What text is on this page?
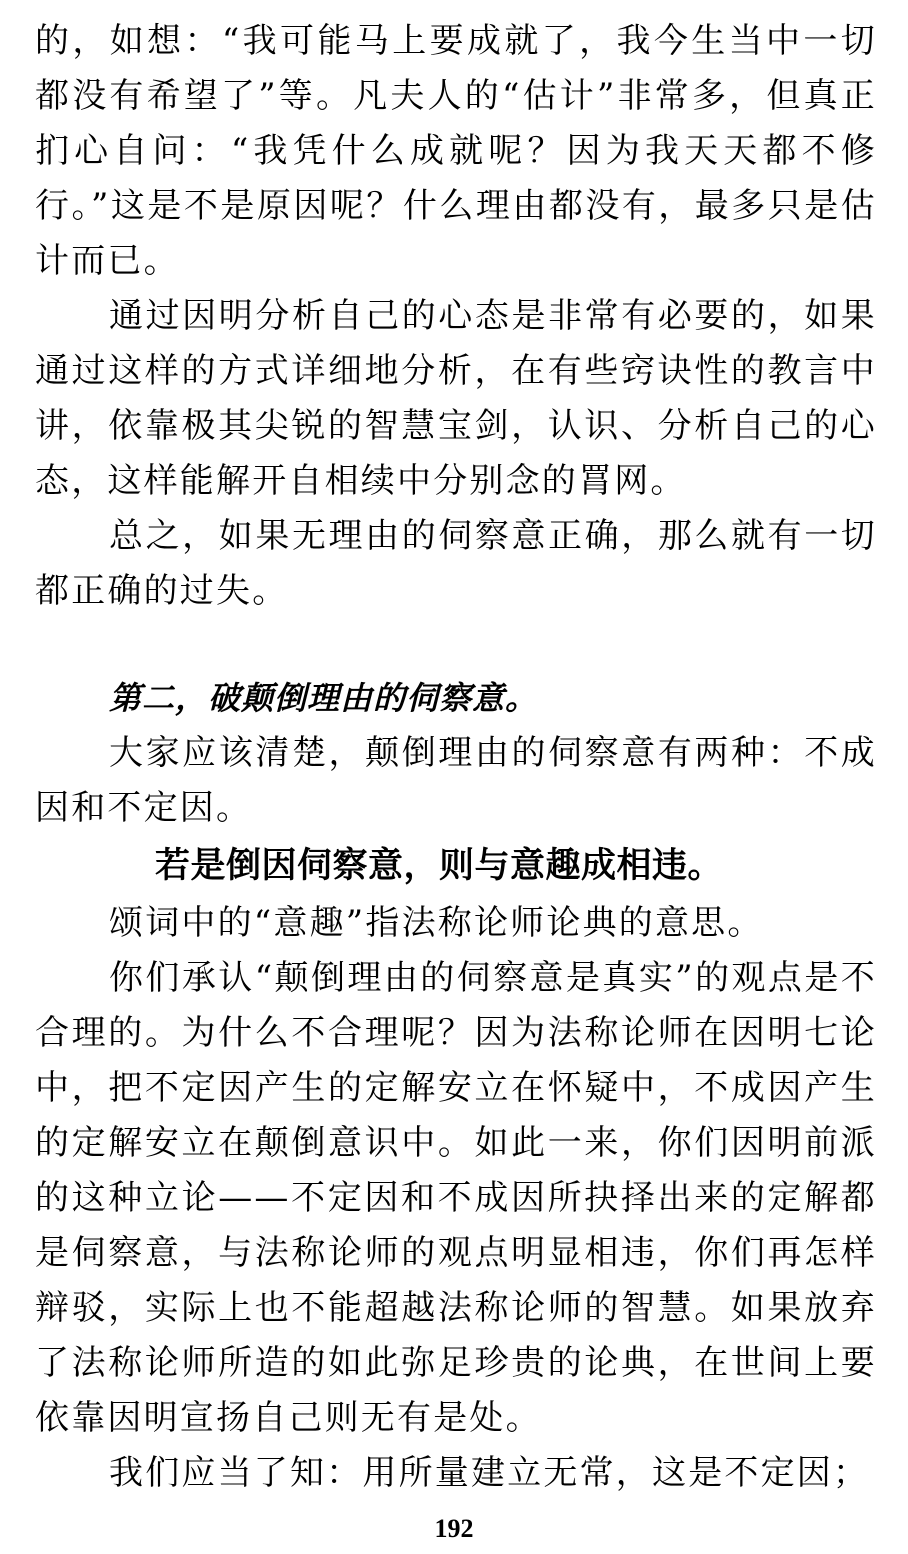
的，如想：“我可能马上要成就了，我今生当中一切都没有希望了”等。凡夫人的“估计”非常多，但真正扪心自问：“我凭什么成就呢？因为我天天都不修行。”这是不是原因呢？什么理由都没有，最多只是估计而已。

通过因明分析自己的心态是非常有必要的，如果通过这样的方式详细地分析，在有些窍诀性的教言中讲，依靠极其尖锐的智慧宝剑，认识、分析自己的心态，这样能解开自相续中分别念的罥网。

总之，如果无理由的伺察意正确，那么就有一切都正确的过失。

第二，破颠倒理由的伺察意。

大家应该清楚，颠倒理由的伺察意有两种：不成因和不定因。

若是倒因伺察意，则与意趣成相违。

颂词中的“意趣”指法称论师论典的意思。

你们承认“颠倒理由的伺察意是真实”的观点是不合理的。为什么不合理呢？因为法称论师在因明七论中，把不定因产生的定解安立在怀疑中，不成因产生的定解安立在颠倒意识中。如此一来，你们因明前派的这种立论——不定因和不成因所抉择出来的定解都是伺察意，与法称论师的观点明显相违，你们再怎样辩驳，实际上也不能超越法称论师的智慧。如果放弃了法称论师所造的如此弥足珍贵的论典，在世间上要依靠因明宣扬自己则无有是处。

我们应当了知：用所量建立无常，这是不定因；

192
